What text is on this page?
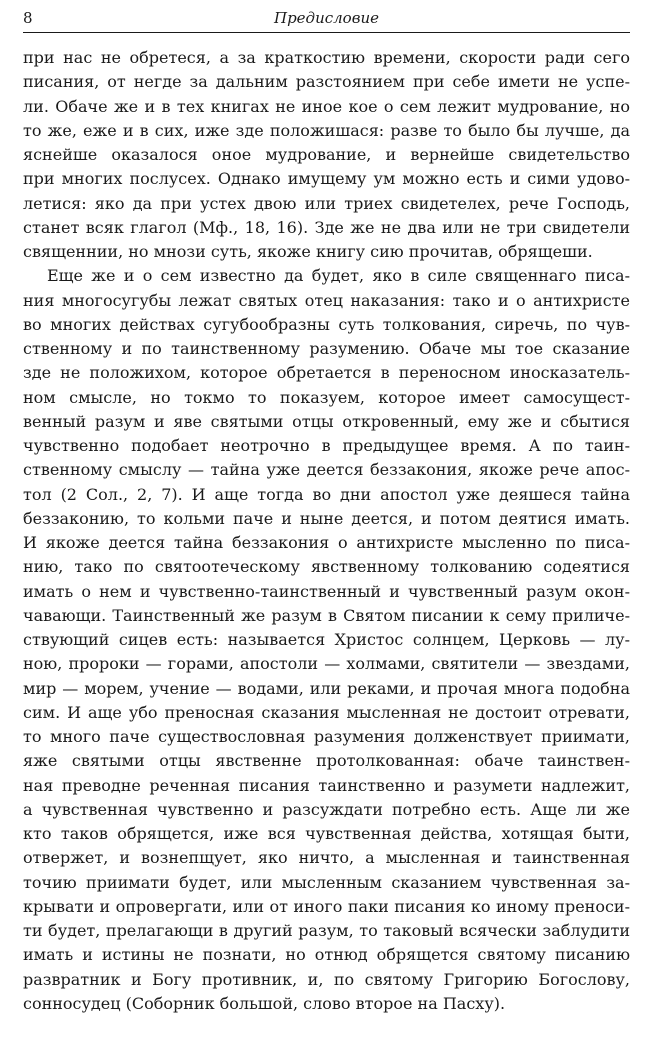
8	Предисловие
при нас не обретеся, а за краткостию времени, скорости ради сего
писания, от негде за дальним разстоянием при себе имети не успе-
ли. Обаче же и в тех книгах не иное кое о сем лежит мудрование, но
то же, еже и в сих, иже зде положишася: разве то было бы лучше, да
яснейше оказалося оное мудрование, и вернейше свидетельство
при многих послусех. Однако имущему ум можно есть и сими удово-
летися: яко да при устех двою или триех свидетелех, рече Господь,
станет всяк глагол (Мф., 18, 16). Зде же не два или не три свидетели
священнии, но мнози суть, якоже книгу сию прочитав, обрящеши.
Еще же и о сем известно да будет, яко в силе священнаго писа-
ния многосугубы лежат святых отец наказания: тако и о антихристе
во многих действах сугубообразны суть толкования, сиречь, по чув-
ственному и по таинственному разумению. Обаче мы тое сказание
зде не положихом, которое обретается в переносном иносказатель-
ном смысле, но токмо то показуем, которое имеет самосущест-
венный разум и яве святыми отцы откровенный, ему же и сбытися
чувственно подобает неотрочно в предыдущее время. А по таин-
ственному смыслу — тайна уже деется беззакония, якоже рече апос-
тол (2 Сол., 2, 7). И аще тогда во дни апостол уже деяшеся тайна
беззаконию, то кольми паче и ныне деется, и потом деятися имать.
И якоже деется тайна беззакония о антихристе мысленно по писа-
нию, тако по святоотеческому явственному толкованию содеятися
имать о нем и чувственно-таинственный и чувственный разум окон-
чавающи. Таинственный же разум в Святом писании к сему приличе-
ствующий сицев есть: называется Христос солнцем, Церковь — лу-
ною, пророки — горами, апостоли — холмами, святители — звездами,
мир — морем, учение — водами, или реками, и прочая многа подобна
сим. И аще убо преносная сказания мысленная не достоит отревати,
то много паче существословная разумения долженствует приимати,
яже святыми отцы явственне протолкованная: обаче таинствен-
ная преводне реченная писания таинственно и разумети надлежит,
а чувственная чувственно и разсуждати потребно есть. Аще ли же
кто таков обрящется, иже вся чувственная действа, хотящая быти,
отвержет, и вознепщует, яко ничто, а мысленная и таинственная
точию приимати будет, или мысленным сказанием чувственная за-
крывати и опровергати, или от иного паки писания ко иному преноси-
ти будет, прелагающи в другий разум, то таковый всячески заблудити
имать и истины не познати, но отнюд обрящется святому писанию
развратник и Богу противник, и, по святому Григорию Богослову,
сонносудец (Соборник большой, слово второе на Пасху).
